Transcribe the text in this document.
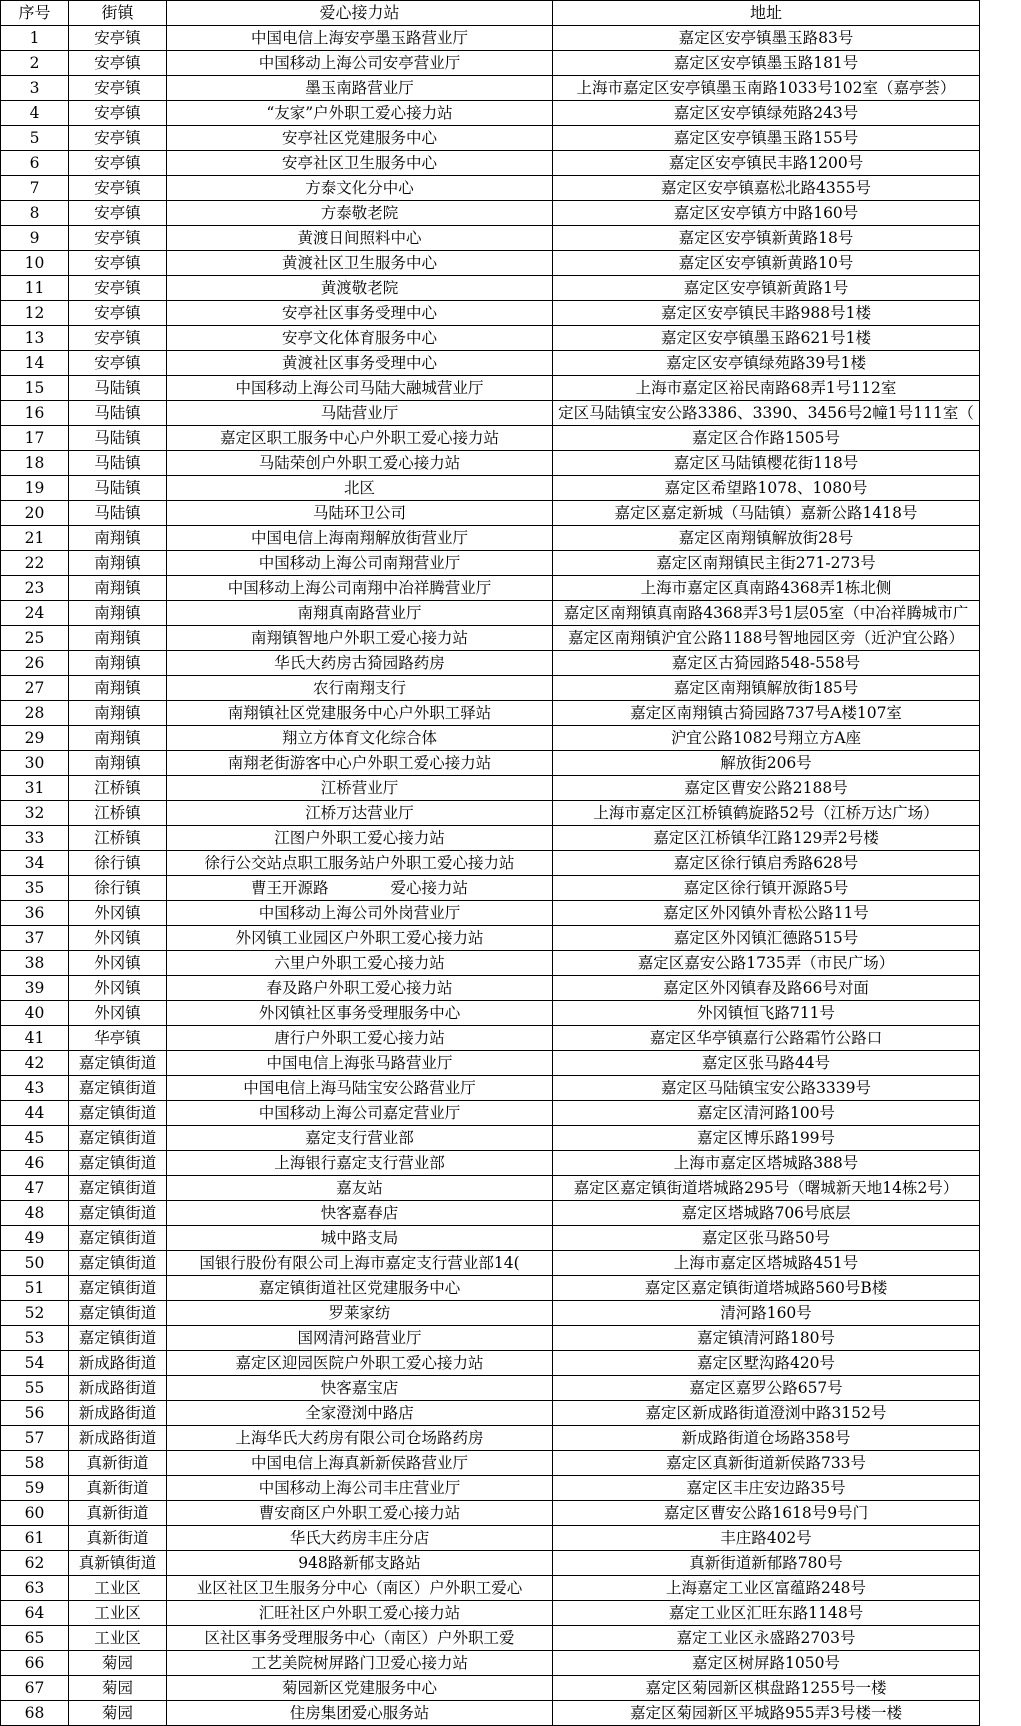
序号	街镇	爱心接力站	地址
1	安亭镇	中国电信上海安亭墨玉路营业厅	嘉定区安亭镇墨玉路83号
2	安亭镇	中国移动上海公司安亭营业厅	嘉定区安亭镇墨玉路181号
3	安亭镇	墨玉南路营业厅	上海市嘉定区安亭镇墨玉南路1033号102室（嘉亭荟）
4	安亭镇	“友家”户外职工爱心接力站	嘉定区安亭镇绿苑路243号
5	安亭镇	安亭社区党建服务中心	嘉定区安亭镇墨玉路155号
6	安亭镇	安亭社区卫生服务中心	嘉定区安亭镇民丰路1200号
7	安亭镇	方泰文化分中心	嘉定区安亭镇嘉松北路4355号
8	安亭镇	方泰敬老院	嘉定区安亭镇方中路160号
9	安亭镇	黄渡日间照料中心	嘉定区安亭镇新黄路18号
10	安亭镇	黄渡社区卫生服务中心	嘉定区安亭镇新黄路10号
11	安亭镇	黄渡敬老院	嘉定区安亭镇新黄路1号
12	安亭镇	安亭社区事务受理中心	嘉定区安亭镇民丰路988号1楼
13	安亭镇	安亭文化体育服务中心	嘉定区安亭镇墨玉路621号1楼
14	安亭镇	黄渡社区事务受理中心	嘉定区安亭镇绿苑路39号1楼
15	马陆镇	中国移动上海公司马陆大融城营业厅	上海市嘉定区裕民南路68弄1号112室
16	马陆镇	马陆营业厅	定区马陆镇宝安公路3386、3390、3456号2幢1号111室（
17	马陆镇	嘉定区职工服务中心户外职工爱心接力站	嘉定区合作路1505号
18	马陆镇	马陆荣创户外职工爱心接力站	嘉定区马陆镇樱花街118号
19	马陆镇	北区	嘉定区希望路1078、1080号
20	马陆镇	马陆环卫公司	嘉定区嘉定新城（马陆镇）嘉新公路1418号
21	南翔镇	中国电信上海南翔解放街营业厅	嘉定区南翔镇解放街28号
22	南翔镇	中国移动上海公司南翔营业厅	嘉定区南翔镇民主街271-273号
23	南翔镇	中国移动上海公司南翔中冶祥腾营业厅	上海市嘉定区真南路4368弄1栋北侧
24	南翔镇	南翔真南路营业厅	嘉定区南翔镇真南路4368弄3号1层05室（中冶祥腾城市广
25	南翔镇	南翔镇智地户外职工爱心接力站	嘉定区南翔镇沪宜公路1188号智地园区旁（近沪宜公路）
26	南翔镇	华氏大药房古猗园路药房	嘉定区古猗园路548-558号
27	南翔镇	农行南翔支行	嘉定区南翔镇解放街185号
28	南翔镇	南翔镇社区党建服务中心户外职工驿站	嘉定区南翔镇古猗园路737号A楼107室
29	南翔镇	翔立方体育文化综合体	沪宜公路1082号翔立方A座
30	南翔镇	南翔老街游客中心户外职工爱心接力站	解放街206号
31	江桥镇	江桥营业厅	嘉定区曹安公路2188号
32	江桥镇	江桥万达营业厅	上海市嘉定区江桥镇鹤旋路52号（江桥万达广场）
33	江桥镇	江图户外职工爱心接力站	嘉定区江桥镇华江路129弄2号楼
34	徐行镇	徐行公交站点职工服务站户外职工爱心接力站	嘉定区徐行镇启秀路628号
35	徐行镇	曹王开源路　　　　爱心接力站	嘉定区徐行镇开源路5号
36	外冈镇	中国移动上海公司外岗营业厅	嘉定区外冈镇外青松公路11号
37	外冈镇	外冈镇工业园区户外职工爱心接力站	嘉定区外冈镇汇德路515号
38	外冈镇	六里户外职工爱心接力站	嘉定区嘉安公路1735弄（市民广场）
39	外冈镇	春及路户外职工爱心接力站	嘉定区外冈镇春及路66号对面
40	外冈镇	外冈镇社区事务受理服务中心	外冈镇恒飞路711号
41	华亭镇	唐行户外职工爱心接力站	嘉定区华亭镇嘉行公路霜竹公路口
42	嘉定镇街道	中国电信上海张马路营业厅	嘉定区张马路44号
43	嘉定镇街道	中国电信上海马陆宝安公路营业厅	嘉定区马陆镇宝安公路3339号
44	嘉定镇街道	中国移动上海公司嘉定营业厅	嘉定区清河路100号
45	嘉定镇街道	嘉定支行营业部	嘉定区博乐路199号
46	嘉定镇街道	上海银行嘉定支行营业部	上海市嘉定区塔城路388号
47	嘉定镇街道	嘉友站	嘉定区嘉定镇街道塔城路295号（曙城新天地14栋2号）
48	嘉定镇街道	快客嘉春店	嘉定区塔城路706号底层
49	嘉定镇街道	城中路支局	嘉定区张马路50号
50	嘉定镇街道	国银行股份有限公司上海市嘉定支行营业部14(	上海市嘉定区塔城路451号
51	嘉定镇街道	嘉定镇街道社区党建服务中心	嘉定区嘉定镇街道塔城路560号B楼
52	嘉定镇街道	罗莱家纺	清河路160号
53	嘉定镇街道	国网清河路营业厅	嘉定镇清河路180号
54	新成路街道	嘉定区迎园医院户外职工爱心接力站	嘉定区墅沟路420号
55	新成路街道	快客嘉宝店	嘉定区嘉罗公路657号
56	新成路街道	全家澄浏中路店	嘉定区新成路街道澄浏中路3152号
57	新成路街道	上海华氏大药房有限公司仓场路药房	新成路街道仓场路358号
58	真新街道	中国电信上海真新新侯路营业厅	嘉定区真新街道新侯路733号
59	真新街道	中国移动上海公司丰庄营业厅	嘉定区丰庄安边路35号
60	真新街道	曹安商区户外职工爱心接力站	嘉定区曹安公路1618号9号门
61	真新街道	华氏大药房丰庄分店	丰庄路402号
62	真新镇街道	948路新郁支路站	真新街道新郁路780号
63	工业区	业区社区卫生服务分中心（南区）户外职工爱心	上海嘉定工业区富蕴路248号
64	工业区	汇旺社区户外职工爱心接力站	嘉定工业区汇旺东路1148号
65	工业区	区社区事务受理服务中心（南区）户外职工爱	嘉定工业区永盛路2703号
66	菊园	工艺美院树屏路门卫爱心接力站	嘉定区树屏路1050号
67	菊园	菊园新区党建服务中心	嘉定区菊园新区棋盘路1255号一楼
68	菊园	住房集团爱心服务站	嘉定区菊园新区平城路955弄3号楼一楼
